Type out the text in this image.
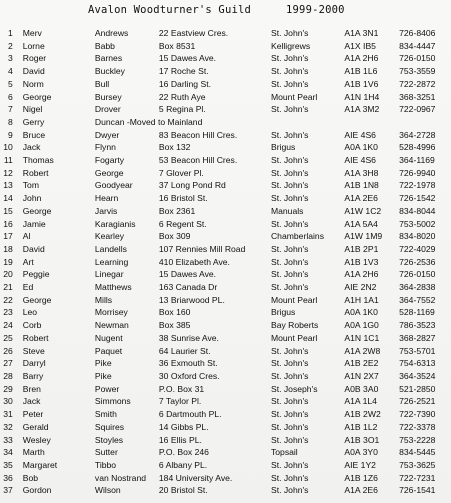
Avalon Woodturner's Guild	1999-2000
1	Merv	Andrews	22 Eastview Cres.	St. John's	A1A 3N1	726-8406
2	Lorne	Babb	Box 8531	Kelligrews	A1X IB5	834-4447
3	Roger	Barnes	15 Dawes Ave.	St. John's	A1A 2H6	726-0150
4	David	Buckley	17 Roche St.	St. John's	A1B 1L6	753-3559
5	Norm	Bull	16 Darling St.	St. John's	A1B 1V6	722-2872
6	George	Bursey	22 Ruth Aye	Mount Pearl	A1N 1H4	368-3251
7	Nigel	Drover	5 Regina Pl.	St. John's	A1A 3M2	722-0967
8	Gerry	Duncan -Moved to Mainland				
9	Bruce	Dwyer	83 Beacon Hill Cres.	St. John's	AIE 4S6	364-2728
10	Jack	Flynn	Box 132	Brigus	A0A 1K0	528-4996
11	Thomas	Fogarty	53 Beacon Hill Cres.	St. John's	AIE 4S6	364-1169
12	Robert	George	7 Glover Pl.	St. John's	A1A 3H8	726-9940
13	Tom	Goodyear	37 Long Pond Rd	St. John's	A1B 1N8	722-1978
14	John	Hearn	16 Bristol St.	St. John's	A1A 2E6	726-1542
15	George	Jarvis	Box 2361	Manuals	A1W 1C2	834-8044
16	Jamie	Karagianis	6 Regent St.	St. John's	A1A 5A4	753-5002
17	Al	Kearley	Box 309	Chamberlains	A1W 1M9	834-8020
18	David	Landells	107 Rennies Mill Road	St. John's	A1B 2P1	722-4029
19	Art	Learning	410 Elizabeth Ave.	St. John's	A1B 1V3	726-2536
20	Peggie	Linegar	15 Dawes Ave.	St. John's	A1A 2H6	726-0150
21	Ed	Matthews	163 Canada Dr	St. John's	AIE 2N2	364-2838
22	George	Mills	13 Briarwood PL.	Mount Pearl	A1H 1A1	364-7552
23	Leo	Morrisey	Box 160	Brigus	A0A 1K0	528-1169
24	Corb	Newman	Box 385	Bay Roberts	A0A 1G0	786-3523
25	Robert	Nugent	38 Sunrise Ave.	Mount Pearl	A1N 1C1	368-2827
26	Steve	Paquet	64 Laurier St.	St. John's	A1A 2W8	753-5701
27	Darryl	Pike	36 Exmouth St.	St. John's	A1B 2E2	754-6313
28	Barry	Pike	30 Oxford Cres.	St. John's	A1N 2X7	364-3524
29	Bren	Power	P.O. Box 31	St. Joseph's	A0B 3A0	521-2850
30	Jack	Simmons	7 Taylor Pl.	St. John's	A1A 1L4	726-2521
31	Peter	Smith	6 Dartmouth PL.	St. John's	A1B 2W2	722-7390
32	Gerald	Squires	14 Gibbs PL.	St. John's	A1B 1L2	722-3378
33	Wesley	Stoyles	16 Ellis PL.	St. John's	A1B 3O1	753-2228
34	Marth	Sutter	P.O. Box 246	Topsail	A0A 3Y0	834-5445
35	Margaret	Tibbo	6 Albany PL.	St. John's	AIE 1Y2	753-3625
36	Bob	van Nostrand	184 University Ave.	St. John's	A1B 1Z6	722-7231
37	Gordon	Wilson	20 Bristol St.	St. John's	A1A 2E6	726-1541
